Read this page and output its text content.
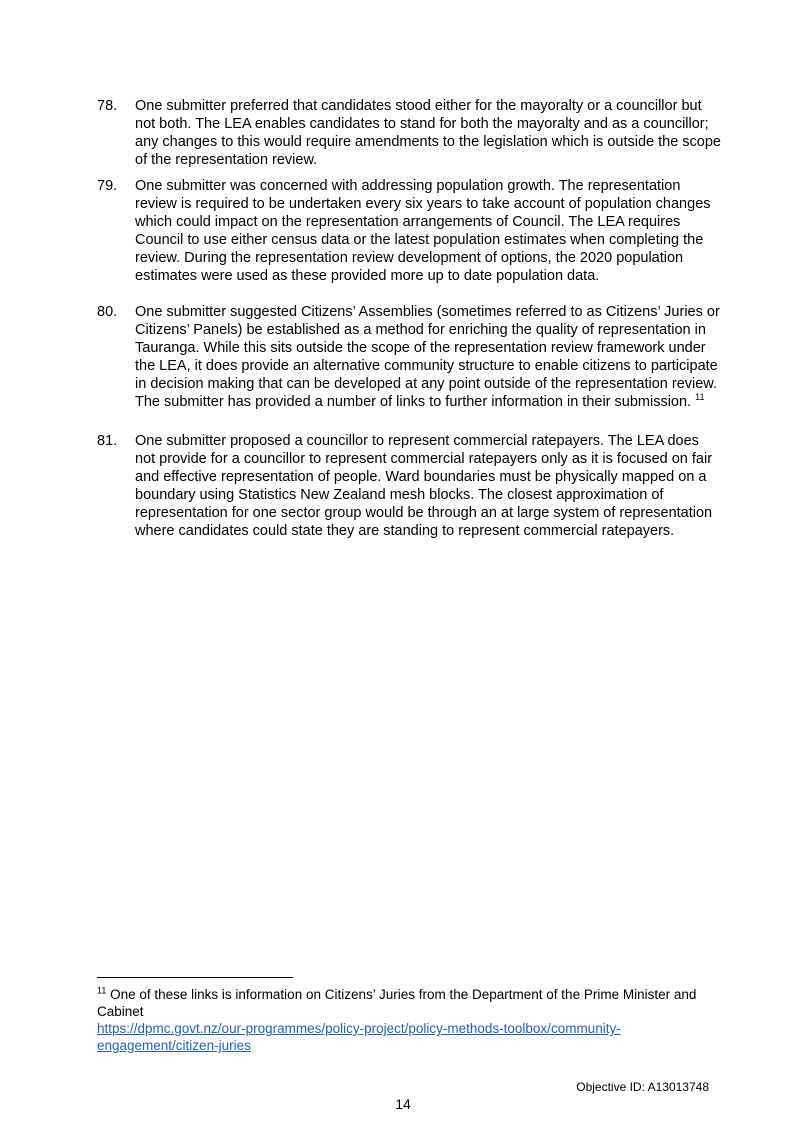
78.	One submitter preferred that candidates stood either for the mayoralty or a councillor but not both. The LEA enables candidates to stand for both the mayoralty and as a councillor; any changes to this would require amendments to the legislation which is outside the scope of the representation review.
79.	One submitter was concerned with addressing population growth. The representation review is required to be undertaken every six years to take account of population changes which could impact on the representation arrangements of Council. The LEA requires Council to use either census data or the latest population estimates when completing the review. During the representation review development of options, the 2020 population estimates were used as these provided more up to date population data.
80.	One submitter suggested Citizens’ Assemblies (sometimes referred to as Citizens’ Juries or Citizens’ Panels) be established as a method for enriching the quality of representation in Tauranga. While this sits outside the scope of the representation review framework under the LEA, it does provide an alternative community structure to enable citizens to participate in decision making that can be developed at any point outside of the representation review. The submitter has provided a number of links to further information in their submission. $^{11}$
81.	One submitter proposed a councillor to represent commercial ratepayers. The LEA does not provide for a councillor to represent commercial ratepayers only as it is focused on fair and effective representation of people. Ward boundaries must be physically mapped on a boundary using Statistics New Zealand mesh blocks. The closest approximation of representation for one sector group would be through an at large system of representation where candidates could state they are standing to represent commercial ratepayers.
$^{11}$ One of these links is information on Citizens’ Juries from the Department of the Prime Minister and Cabinet
https://dpmc.govt.nz/our-programmes/policy-project/policy-methods-toolbox/community-engagement/citizen-juries
Objective ID: A13013748
14
